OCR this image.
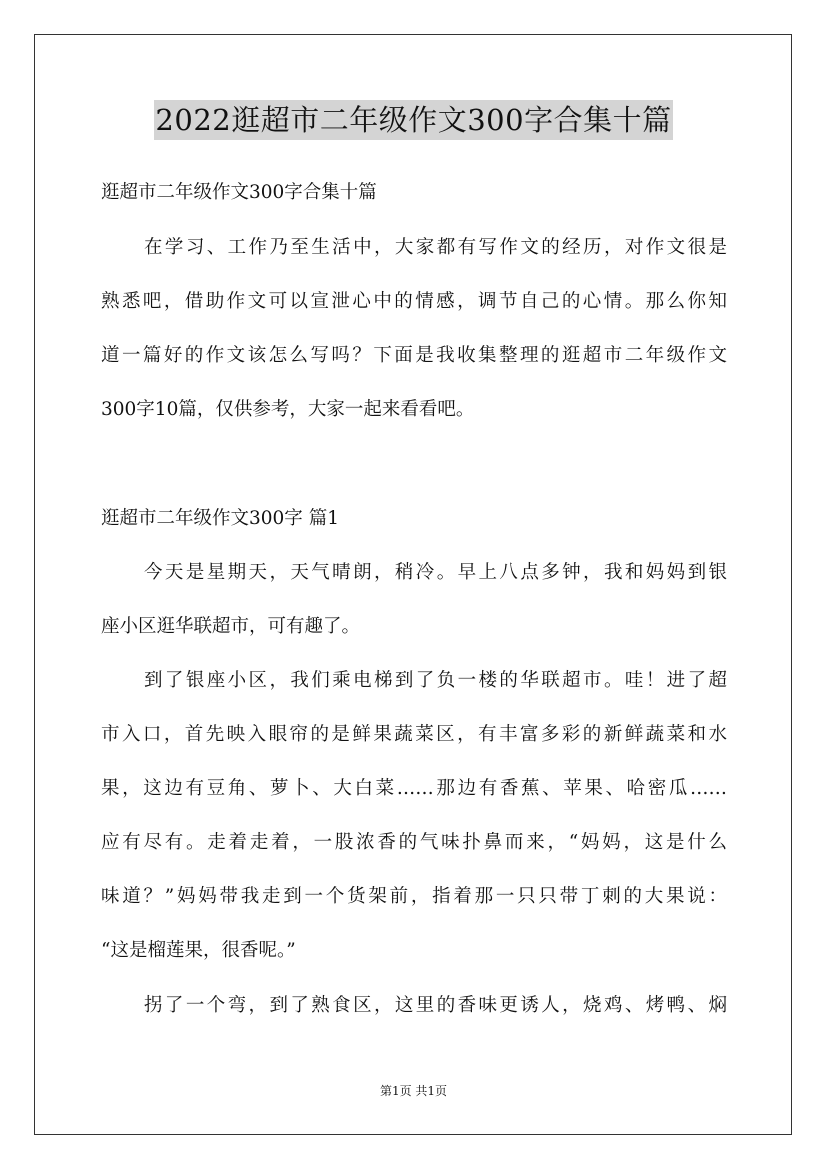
2022逛超市二年级作文300字合集十篇
逛超市二年级作文300字合集十篇
在学习、工作乃至生活中，大家都有写作文的经历，对作文很是
熟悉吧，借助作文可以宣泄心中的情感，调节自己的心情。那么你知
道一篇好的作文该怎么写吗？下面是我收集整理的逛超市二年级作文
300字10篇，仅供参考，大家一起来看看吧。
逛超市二年级作文300字 篇1
今天是星期天，天气晴朗，稍冷。早上八点多钟，我和妈妈到银
座小区逛华联超市，可有趣了。
到了银座小区，我们乘电梯到了负一楼的华联超市。哇！进了超
市入口，首先映入眼帘的是鲜果蔬菜区，有丰富多彩的新鲜蔬菜和水
果，这边有豆角、萝卜、大白菜……那边有香蕉、苹果、哈密瓜……
应有尽有。走着走着，一股浓香的气味扑鼻而来，“妈妈，这是什么
味道？”妈妈带我走到一个货架前，指着那一只只带丁刺的大果说：
“这是榴莲果，很香呢。”
拐了一个弯，到了熟食区，这里的香味更诱人，烧鸡、烤鸭、焖
第1页 共1页
